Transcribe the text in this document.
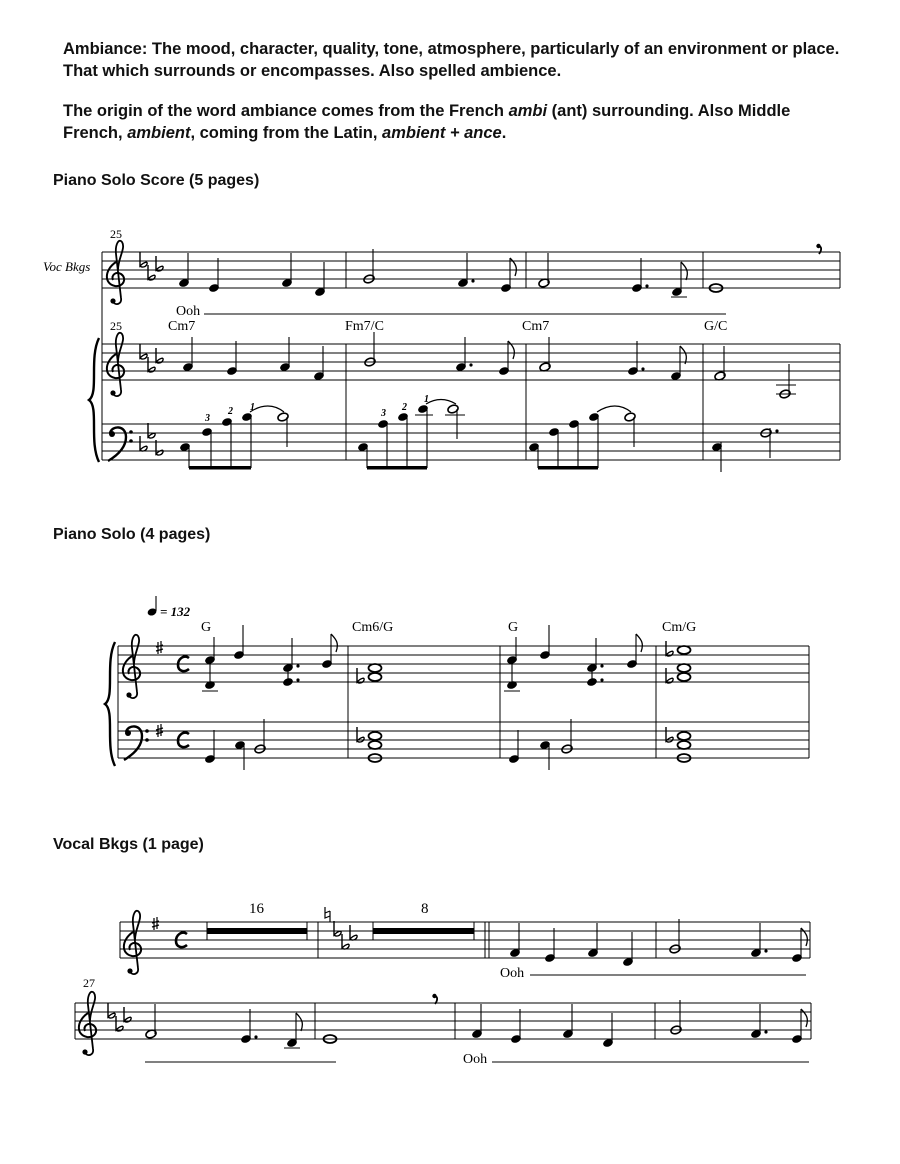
Ambiance: The mood, character, quality, tone, atmosphere, particularly of an environment or place. That which surrounds or encompasses. Also spelled ambience.

The origin of the word ambiance comes from the French ambi (ant) surrounding. Also Middle French, ambient, coming from the Latin, ambient + ance.

Piano Solo Score (5 pages)

Piano Solo (4 pages)

Vocal Bkgs (1 page)

25
Voc Bkgs
Ooh
25	Cm7	Fm7/C	Cm7	G/C
3
2 1
3
2
1
= 132
G	Cm6/G	G	Cm/G
16	8
Ooh
27
Ooh
